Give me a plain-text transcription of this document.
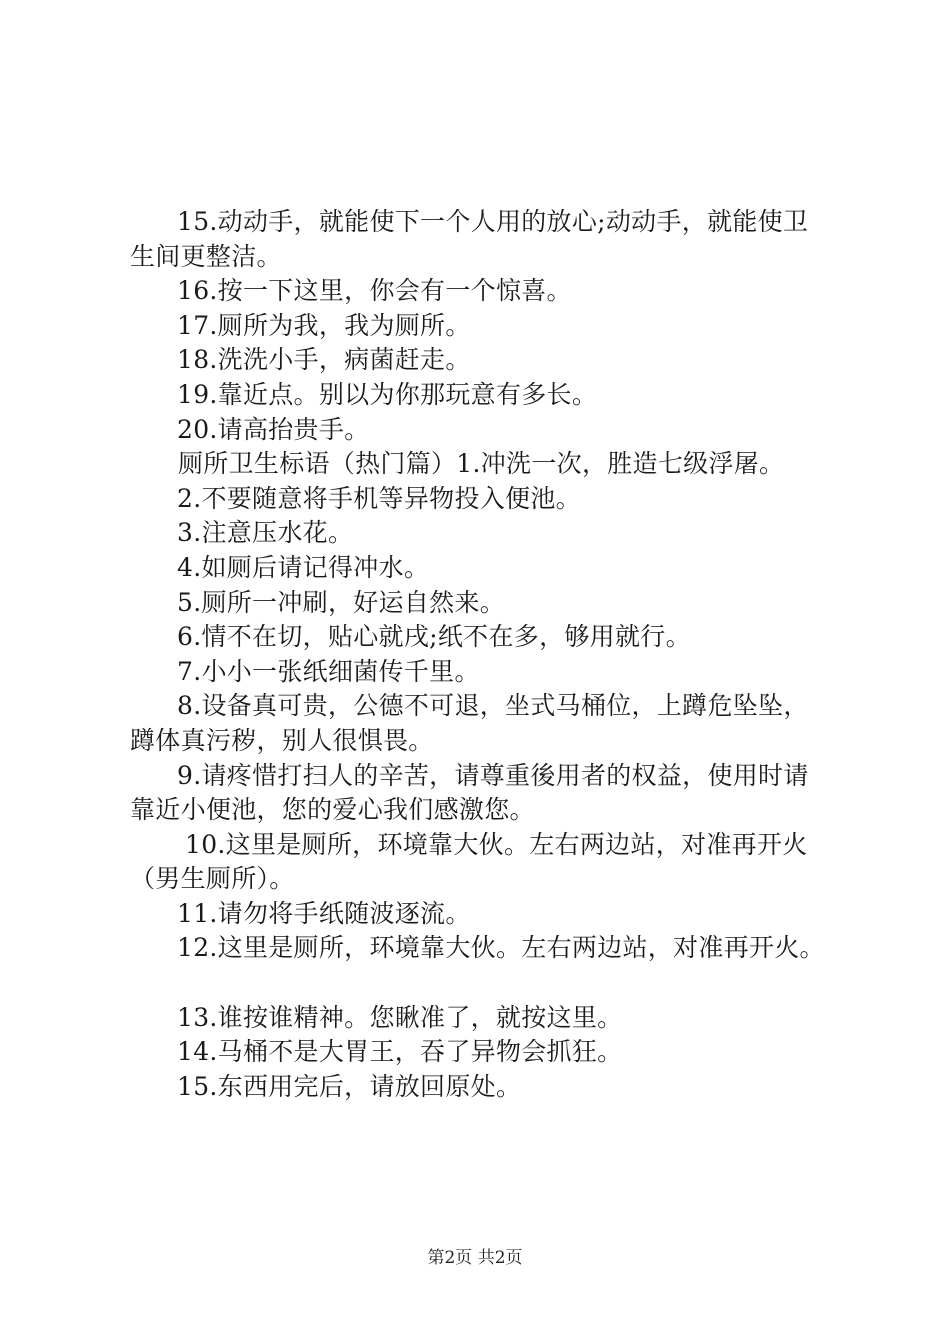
15.动动手，就能使下一个人用的放心;动动手，就能使卫
生间更整洁。
16.按一下这里，你会有一个惊喜。
17.厕所为我，我为厕所。
18.洗洗小手，病菌赶走。
19.靠近点。别以为你那玩意有多长。
20.请高抬贵手。
厕所卫生标语（热门篇）1.冲洗一次，胜造七级浮屠。
2.不要随意将手机等异物投入便池。
3.注意压水花。
4.如厕后请记得冲水。
5.厕所一冲刷，好运自然来。
6.情不在切，贴心就戌;纸不在多，够用就行。
7.小小一张纸细菌传千里。
8.设备真可贵，公德不可退，坐式马桶位，上蹲危坠坠，
蹲体真污秽，别人很惧畏。
9.请疼惜打扫人的辛苦，请尊重後用者的权益，使用时请
靠近小便池，您的爱心我们感激您。
10.这里是厕所，环境靠大伙。左右两边站，对准再开火
（男生厕所）。
11.请勿将手纸随波逐流。
12.这里是厕所，环境靠大伙。左右两边站，对准再开火。
13.谁按谁精神。您瞅准了，就按这里。
14.马桶不是大胃王，吞了异物会抓狂。
15.东西用完后，请放回原处。
第2页 共2页
